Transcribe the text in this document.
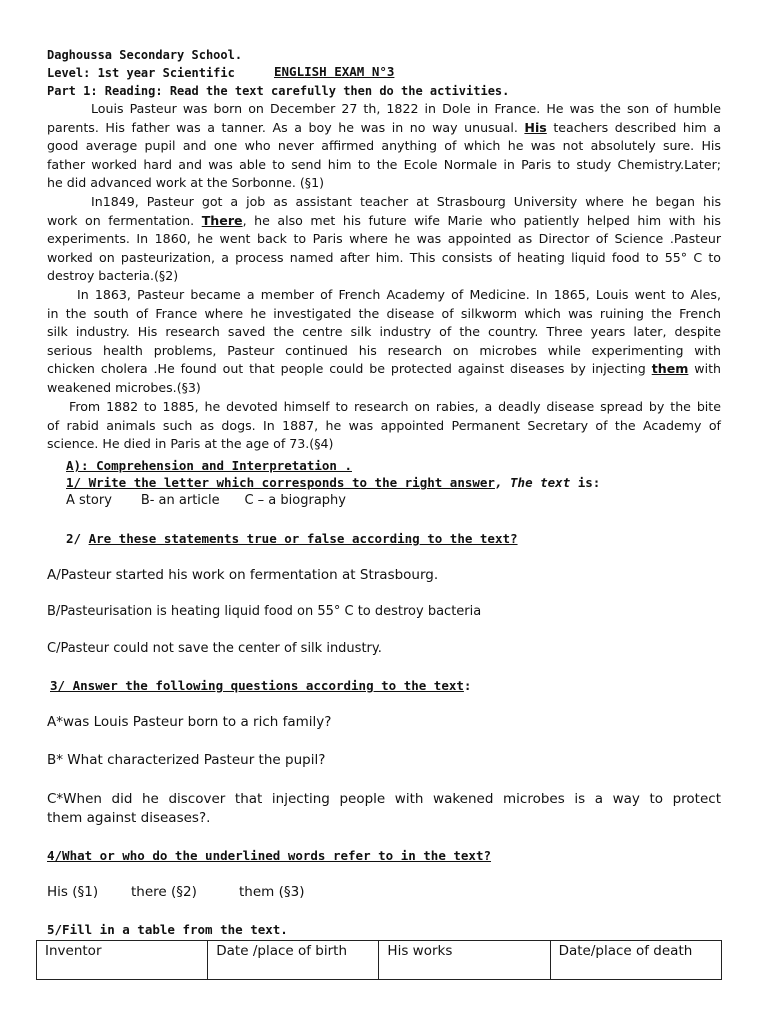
Daghoussa Secondary School.
Level: 1st year Scientific	ENGLISH EXAM N°3
Part 1: Reading: Read the text carefully then do the activities.
Louis Pasteur was born on December 27 th, 1822 in Dole in France. He was the son of humble
parents. His father was a tanner. As a boy he was in no way unusual. His teachers described him a
good average pupil and one who never affirmed anything of which he was not absolutely sure. His
father worked hard and was able to send him to the Ecole Normale in Paris to study Chemistry.Later;
he did advanced work at the Sorbonne. (§1)
In1849, Pasteur got a job as assistant teacher at Strasbourg University where he began his
work on fermentation. There, he also met his future wife Marie who patiently helped him with his
experiments. In 1860, he went back to Paris where he was appointed as Director of Science .Pasteur
worked on pasteurization, a process named after him. This consists of heating liquid food to 55° C to
destroy bacteria.(§2)
In 1863, Pasteur became a member of French Academy of Medicine. In 1865, Louis went to Ales,
in the south of France where he investigated the disease of silkworm which was ruining the French
silk industry. His research saved the centre silk industry of the country. Three years later, despite
serious health problems, Pasteur continued his research on microbes while experimenting with
chicken cholera .He found out that people could be protected against diseases by injecting them with
weakened microbes.(§3)
From 1882 to 1885, he devoted himself to research on rabies, a deadly disease spread by the bite
of rabid animals such as dogs. In 1887, he was appointed Permanent Secretary of the Academy of
science. He died in Paris at the age of 73.(§4)
A): Comprehension and Interpretation .
1/ Write the letter which corresponds to the right answer, The text is:
A story       B- an article      C – a biography
2/ Are these statements true or false according to the text?
A/Pasteur started his work on fermentation at Strasbourg.
B/Pasteurisation is heating liquid food on 55° C to destroy bacteria
C/Pasteur could not save the center of silk industry.
3/ Answer the following questions according to the text:
A*was Louis Pasteur born to a rich family?
B* What characterized Pasteur the pupil?
C*When did he discover that injecting people with wakened microbes is a way to protect
them against diseases?.
4/What or who do the underlined words refer to in the text?
His (§1) there (§2)	them (§3)
5/Fill in a table from the text.
Inventor	Date /place of birth	His works	Date/place of death
